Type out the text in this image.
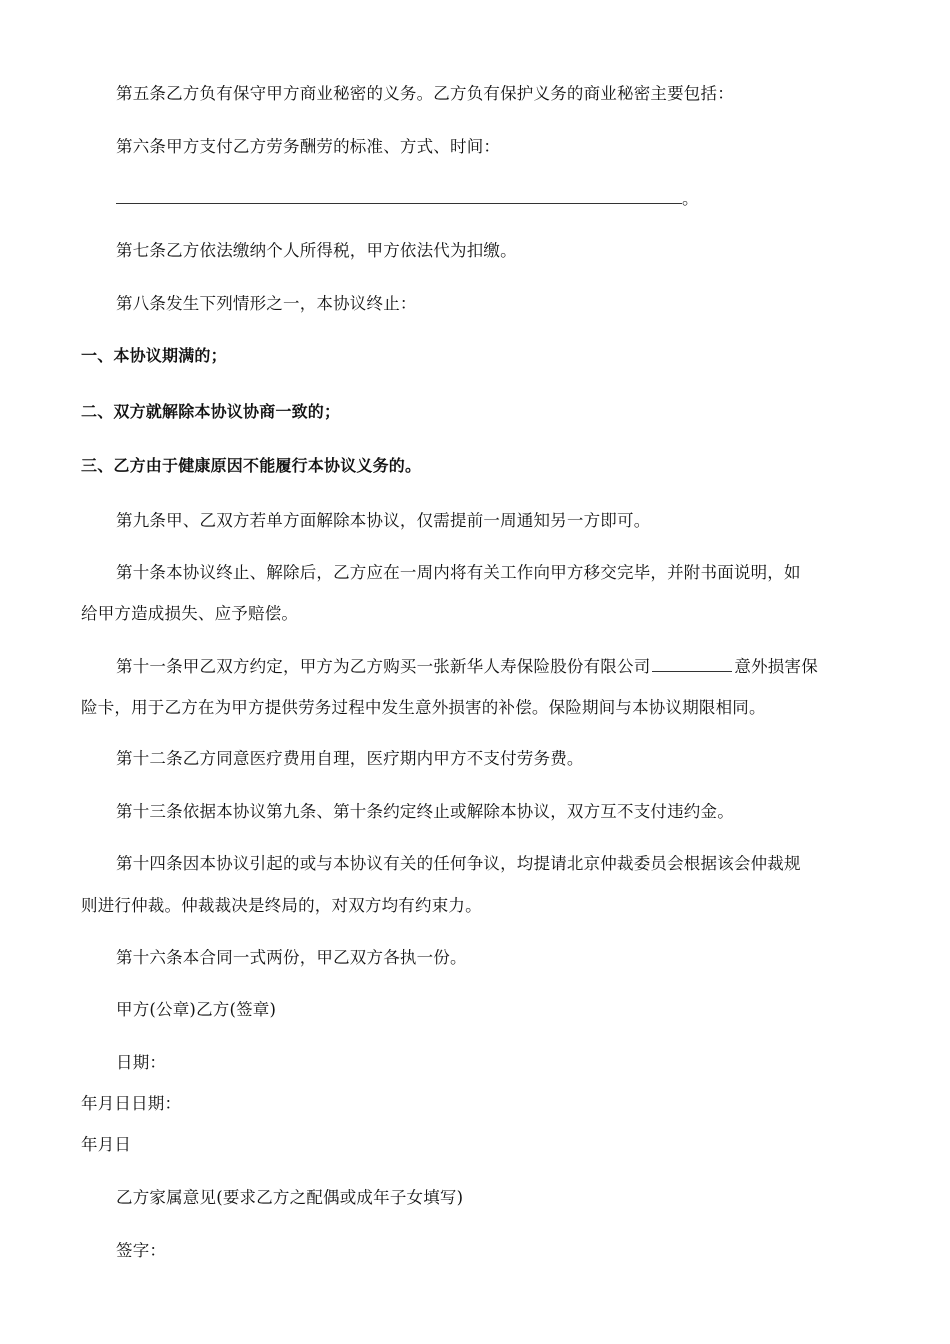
第五条乙方负有保守甲方商业秘密的义务。乙方负有保护义务的商业秘密主要包括：
第六条甲方支付乙方劳务酬劳的标准、方式、时间：
。
第七条乙方依法缴纳个人所得税，甲方依法代为扣缴。
第八条发生下列情形之一，本协议终止：
一、本协议期满的；
二、双方就解除本协议协商一致的；
三、乙方由于健康原因不能履行本协议义务的。
第九条甲、乙双方若单方面解除本协议，仅需提前一周通知另一方即可。
第十条本协议终止、解除后，乙方应在一周内将有关工作向甲方移交完毕，并附书面说明，如
给甲方造成损失、应予赔偿。
第十一条甲乙双方约定，甲方为乙方购买一张新华人寿保险股份有限公司	意外损害保
险卡，用于乙方在为甲方提供劳务过程中发生意外损害的补偿。保险期间与本协议期限相同。
第十二条乙方同意医疗费用自理，医疗期内甲方不支付劳务费。
第十三条依据本协议第九条、第十条约定终止或解除本协议，双方互不支付违约金。
第十四条因本协议引起的或与本协议有关的任何争议，均提请北京仲裁委员会根据该会仲裁规
则进行仲裁。仲裁裁决是终局的，对双方均有约束力。
第十六条本合同一式两份，甲乙双方各执一份。
甲方(公章)乙方(签章)
日期：
年月日日期：
年月日
乙方家属意见(要求乙方之配偶或成年子女填写)
签字：
